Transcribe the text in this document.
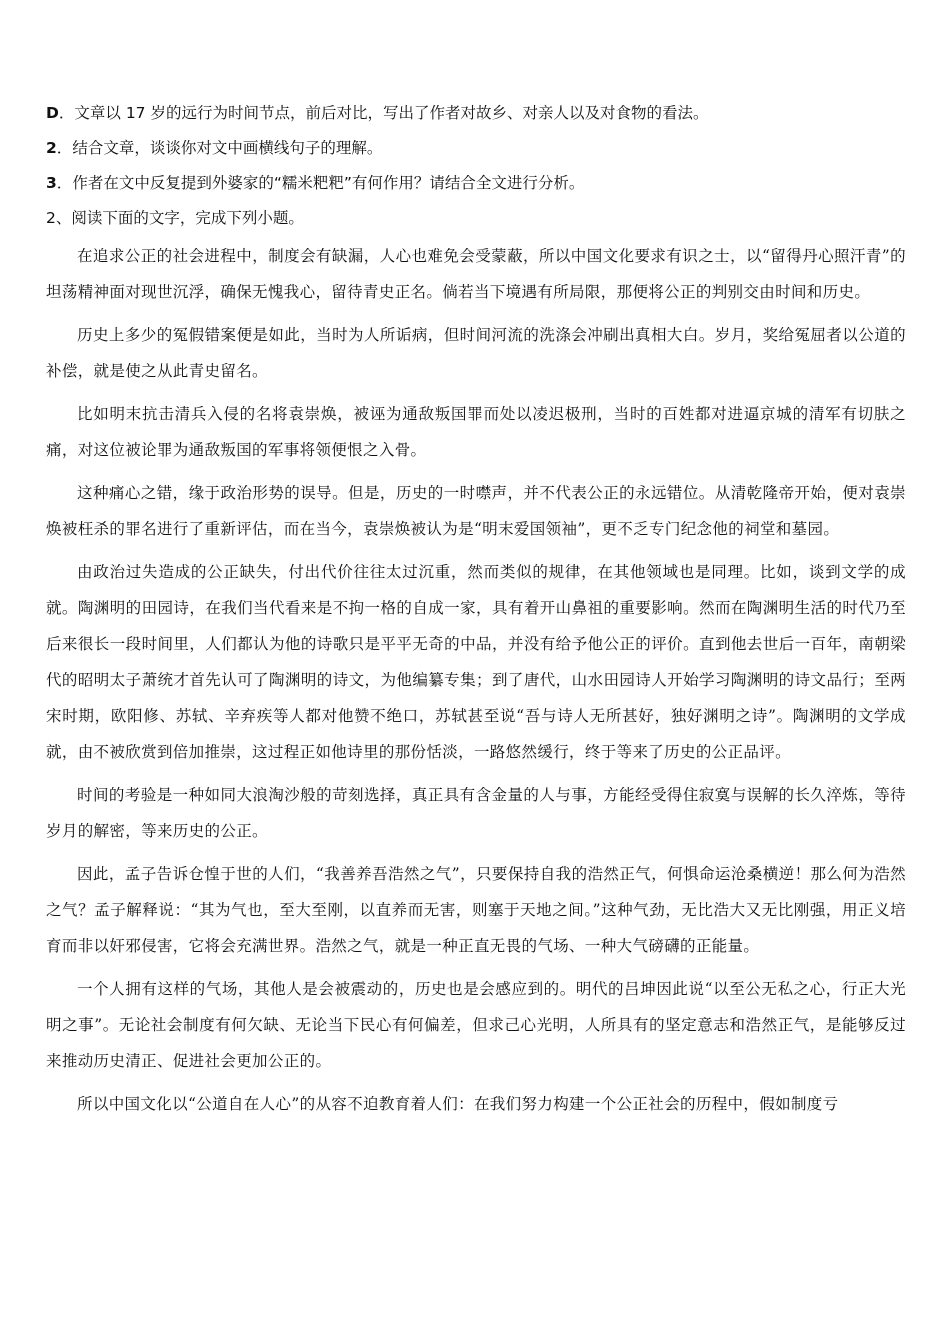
D．文章以 17 岁的远行为时间节点，前后对比，写出了作者对故乡、对亲人以及对食物的看法。
2．结合文章，谈谈你对文中画横线句子的理解。
3．作者在文中反复提到外婆家的“糯米粑粑”有何作用？请结合全文进行分析。
2、阅读下面的文字，完成下列小题。

在追求公正的社会进程中，制度会有缺漏，人心也难免会受蒙蔽，所以中国文化要求有识之士，以“留得丹心照汗青”的坦荡精神面对现世沉浮，确保无愧我心，留待青史正名。倘若当下境遇有所局限，那便将公正的判别交由时间和历史。

历史上多少的冤假错案便是如此，当时为人所诟病，但时间河流的洗涤会冲刷出真相大白。岁月，奖给冤屈者以公道的补偿，就是使之从此青史留名。

比如明末抗击清兵入侵的名将袁崇焕，被诬为通敌叛国罪而处以凌迟极刑，当时的百姓都对进逼京城的清军有切肤之痛，对这位被论罪为通敌叛国的军事将领便恨之入骨。

这种痛心之错，缘于政治形势的误导。但是，历史的一时噤声，并不代表公正的永远错位。从清乾隆帝开始，便对袁崇焕被枉杀的罪名进行了重新评估，而在当今，袁崇焕被认为是“明末爱国领袖”，更不乏专门纪念他的祠堂和墓园。

由政治过失造成的公正缺失，付出代价往往太过沉重，然而类似的规律，在其他领域也是同理。比如，谈到文学的成就。陶渊明的田园诗，在我们当代看来是不拘一格的自成一家，具有着开山鼻祖的重要影响。然而在陶渊明生活的时代乃至后来很长一段时间里，人们都认为他的诗歌只是平平无奇的中品，并没有给予他公正的评价。直到他去世后一百年，南朝梁代的昭明太子萧统才首先认可了陶渊明的诗文，为他编纂专集；到了唐代，山水田园诗人开始学习陶渊明的诗文品行；至两宋时期，欧阳修、苏轼、辛弃疾等人都对他赞不绝口，苏轼甚至说“吾与诗人无所甚好，独好渊明之诗”。陶渊明的文学成就，由不被欣赏到倍加推崇，这过程正如他诗里的那份恬淡，一路悠然缓行，终于等来了历史的公正品评。

时间的考验是一种如同大浪淘沙般的苛刻选择，真正具有含金量的人与事，方能经受得住寂寞与误解的长久淬炼，等待岁月的解密，等来历史的公正。

因此，孟子告诉仓惶于世的人们，“我善养吾浩然之气”，只要保持自我的浩然正气，何惧命运沧桑横逆！那么何为浩然之气？孟子解释说：“其为气也，至大至刚，以直养而无害，则塞于天地之间。”这种气劲，无比浩大又无比刚强，用正义培育而非以奸邪侵害，它将会充满世界。浩然之气，就是一种正直无畏的气场、一种大气磅礴的正能量。

一个人拥有这样的气场，其他人是会被震动的，历史也是会感应到的。明代的吕坤因此说“以至公无私之心，行正大光明之事”。无论社会制度有何欠缺、无论当下民心有何偏差，但求己心光明，人所具有的坚定意志和浩然正气，是能够反过来推动历史清正、促进社会更加公正的。

所以中国文化以“公道自在人心”的从容不迫教育着人们：在我们努力构建一个公正社会的历程中，假如制度亏
